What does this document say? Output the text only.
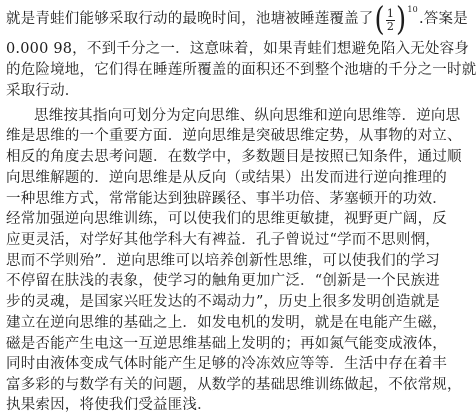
就是青蛙们能够采取行动的最晚时间，池塘被睡莲覆盖了 ( $\frac{1}{2}$ ) 10
.答案是
0.000 98，不到千分之一．这意味着，如果青蛙们想避免陷入无处容身
的危险境地，它们得在睡莲所覆盖的面积还不到整个池塘的千分之一时就
采取行动．
思维按其指向可划分为定向思维、纵向思维和逆向思维等．逆向思
维是思维的一个重要方面．逆向思维是突破思维定势，从事物的对立、
相反的角度去思考问题．在数学中，多数题目是按照已知条件，通过顺
向思维解题的．逆向思维是从反向（或结果）出发而进行逆向推理的
一种思维方式，常常能达到独辟蹊径、事半功倍、茅塞顿开的功效．
经常加强逆向思维训练，可以使我们的思维更敏捷，视野更广阔，反
应更灵活，对学好其他学科大有裨益．孔子曾说过“学而不思则惘，
思而不学则殆”．逆向思维可以培养创新性思维，可以使我们的学习
不停留在肤浅的表象，使学习的触角更加广泛．“创新是一个民族进
步的灵魂，是国家兴旺发达的不竭动力”，历史上很多发明创造就是
建立在逆向思维的基础之上．如发电机的发明，就是在电能产生磁，
磁是否能产生电这一互逆思维基础上发明的；再如氮气能变成液体，
同时由液体变成气体时能产生足够的冷冻效应等等．生活中存在着丰
富多彩的与数学有关的问题，从数学的基础思维训练做起，不依常规，
执果索因，将使我们受益匪浅．
